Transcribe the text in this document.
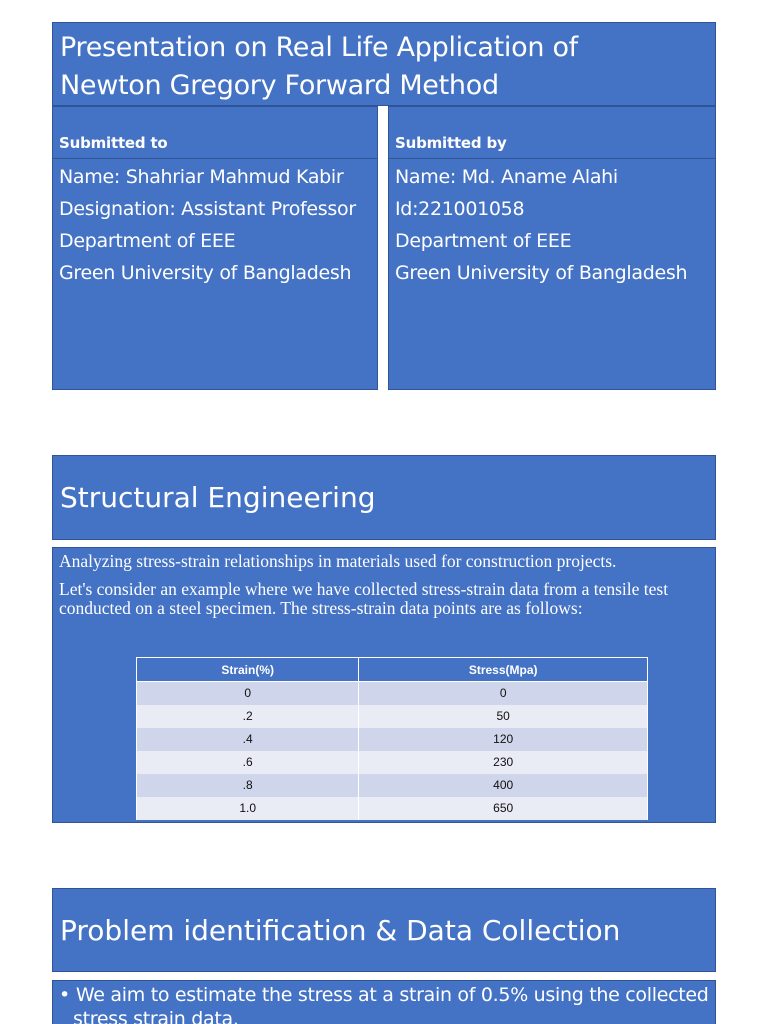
Presentation on Real Life Application of
Newton Gregory Forward Method
Submitted to
Name: Shahriar Mahmud Kabir
Designation: Assistant Professor
Department of EEE
Green University of Bangladesh
Submitted by
Name: Md. Aname Alahi
Id:221001058
Department of EEE
Green University of Bangladesh
Structural Engineering

Analyzing stress-strain relationships in materials used for construction projects.

Let's consider an example where we have collected stress-strain data from a tensile test conducted on a steel specimen. The stress-strain data points are as follows:

Strain(%)	Stress(Mpa)
0	0
.2	50
.4	120
.6	230
.8	400
1.0	650
Problem identification & Data Collection
• We aim to estimate the stress at a strain of 0.5% using the collected
stress strain data.
